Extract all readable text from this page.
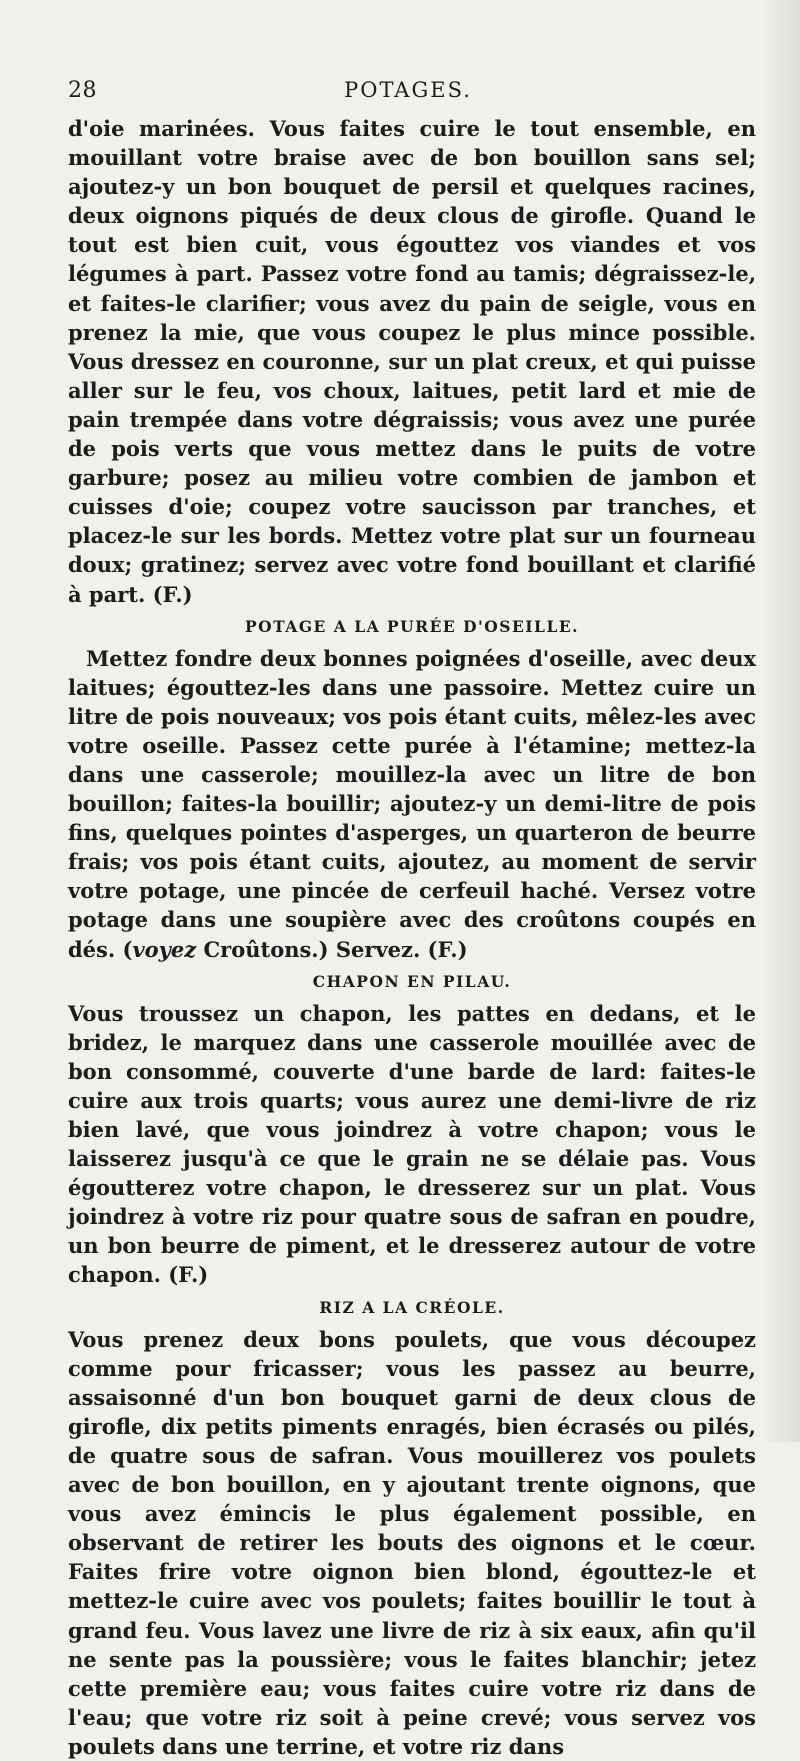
28	POTAGES.

d'oie marinées. Vous faites cuire le tout ensemble, en mouillant votre braise avec de bon bouillon sans sel; ajoutez-y un bon bouquet de persil et quelques racines, deux oignons piqués de deux clous de girofle. Quand le tout est bien cuit, vous égouttez vos viandes et vos légumes à part. Passez votre fond au tamis; dégraissez-le, et faites-le clarifier; vous avez du pain de seigle, vous en prenez la mie, que vous coupez le plus mince possible. Vous dressez en couronne, sur un plat creux, et qui puisse aller sur le feu, vos choux, laitues, petit lard et mie de pain trempée dans votre dégraissis; vous avez une purée de pois verts que vous mettez dans le puits de votre garbure; posez au milieu votre combien de jambon et cuisses d'oie; coupez votre saucisson par tranches, et placez-le sur les bords. Mettez votre plat sur un fourneau doux; gratinez; servez avec votre fond bouillant et clarifié à part. (F.)

POTAGE A LA PURÉE D'OSEILLE.

Mettez fondre deux bonnes poignées d'oseille, avec deux laitues; égouttez-les dans une passoire. Mettez cuire un litre de pois nouveaux; vos pois étant cuits, mêlez-les avec votre oseille. Passez cette purée à l'étamine; mettez-la dans une casserole; mouillez-la avec un litre de bon bouillon; faites-la bouillir; ajoutez-y un demi-litre de pois fins, quelques pointes d'asperges, un quarteron de beurre frais; vos pois étant cuits, ajoutez, au moment de servir votre potage, une pincée de cerfeuil haché. Versez votre potage dans une soupière avec des croûtons coupés en dés. (voyez Croûtons.) Servez. (F.)

CHAPON EN PILAU.

Vous troussez un chapon, les pattes en dedans, et le bridez, le marquez dans une casserole mouillée avec de bon consommé, couverte d'une barde de lard: faites-le cuire aux trois quarts; vous aurez une demi-livre de riz bien lavé, que vous joindrez à votre chapon; vous le laisserez jusqu'à ce que le grain ne se délaie pas. Vous égoutterez votre chapon, le dresserez sur un plat. Vous joindrez à votre riz pour quatre sous de safran en poudre, un bon beurre de piment, et le dresserez autour de votre chapon. (F.)

RIZ A LA CRÉOLE.

Vous prenez deux bons poulets, que vous découpez comme pour fricasser; vous les passez au beurre, assaisonné d'un bon bouquet garni de deux clous de girofle, dix petits piments enragés, bien écrasés ou pilés, de quatre sous de safran. Vous mouillerez vos poulets avec de bon bouillon, en y ajoutant trente oignons, que vous avez émincis le plus également possible, en observant de retirer les bouts des oignons et le cœur. Faites frire votre oignon bien blond, égouttez-le et mettez-le cuire avec vos poulets; faites bouillir le tout à grand feu. Vous lavez une livre de riz à six eaux, afin qu'il ne sente pas la poussière; vous le faites blanchir; jetez cette première eau; vous faites cuire votre riz dans de l'eau; que votre riz soit à peine crevé; vous servez vos poulets dans une terrine, et votre riz dans
